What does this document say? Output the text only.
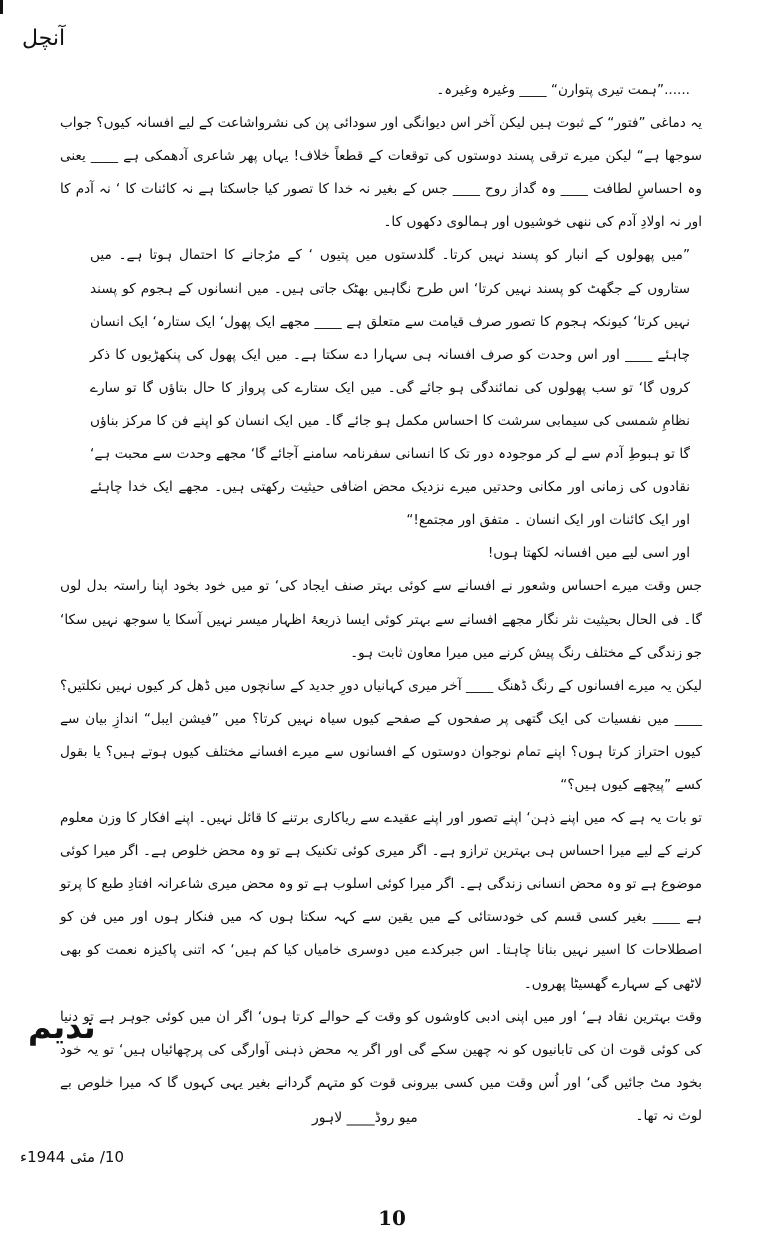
آنچل

......”ہمت تیری پتوارن“ ____ وغیرہ وغیرہ۔

یہ دماغی ”فتور“ کے ثبوت ہیں لیکن آخر اس دیوانگی اور سودائی پن کی نشرواشاعت کے لیے افسانہ کیوں؟ جواب سوجھا ہے“ لیکن میرے ترقی پسند دوستوں کی توقعات کے قطعاً خلاف! یہاں پھر شاعری آدھمکی ہے ____ یعنی وہ احساسِ لطافت ____ وہ گداز روح ____ جس کے بغیر نہ خدا کا تصور کیا جاسکتا ہے نہ کائنات کا ‘ نہ آدم کا اور نہ اولادِ آدم کی ننھی خوشیوں اور ہمالوی دکھوں کا۔

”میں پھولوں کے انبار کو پسند نہیں کرتا۔ گلدستوں میں پتیوں ‘ کے مرُجانے کا احتمال ہوتا ہے۔ میں ستاروں کے جگھٹ کو پسند نہیں کرتا‘ اس طرح نگاہیں بھٹک جاتی ہیں۔ میں انسانوں کے ہجوم کو پسند نہیں کرتا‘ کیونکہ ہجوم کا تصور صرف قیامت سے متعلق ہے ____ مجھے ایک پھول‘ ایک ستارہ‘ ایک انسان چاہئے ____ اور اس وحدت کو صرف افسانہ ہی سہارا دے سکتا ہے۔ میں ایک پھول کی پنکھڑیوں کا ذکر کروں گا‘ تو سب پھولوں کی نمائندگی ہو جائے گی۔ میں ایک ستارے کی پرواز کا حال بتاؤں گا تو سارے نظامِ شمسی کی سیمابی سرشت کا احساس مکمل ہو جائے گا۔ میں ایک انسان کو اپنے فن کا مرکز بناؤں گا تو ہبوطِ آدم سے لے کر موجودہ دور تک کا انسانی سفرنامہ سامنے آجائے گا‘ مجھے وحدت سے محبت ہے‘ نقادوں کی زمانی اور مکانی وحدتیں میرے نزدیک محض اضافی حیثیت رکھتی ہیں۔ مجھے ایک خدا چاہئے اور ایک کائنات اور ایک انسان ۔ متفق اور مجتمع!“

اور اسی لیے میں افسانہ لکھتا ہوں!

جس وقت میرے احساس وشعور نے افسانے سے کوئی بہتر صنف ایجاد کی‘ تو میں خود بخود اپنا راستہ بدل لوں گا۔ فی الحال بحیثیت نثر نگار مجھے افسانے سے بہتر کوئی ایسا ذریعۂ اظہار میسر نہیں آسکا یا سوجھ نہیں سکا‘ جو زندگی کے مختلف رنگ پیش کرنے میں میرا معاون ثابت ہو۔

لیکن یہ میرے افسانوں کے رنگ ڈھنگ ____ آخر میری کہانیاں دورِ جدید کے سانچوں میں ڈھل کر کیوں نہیں نکلتیں؟ ____ میں نفسیات کی ایک گتھی پر صفحوں کے صفحے کیوں سیاہ نہیں کرتا؟ میں ”فیشن ایبل“ اندازِ بیان سے کیوں احتراز کرتا ہوں؟ اپنے تمام نوجوان دوستوں کے افسانوں سے میرے افسانے مختلف کیوں ہوتے ہیں؟ یا بقول کسے ”پیچھے کیوں ہیں؟“

تو بات یہ ہے کہ میں اپنے ذہن‘ اپنے تصور اور اپنے عقیدے سے ریاکاری برتنے کا قائل نہیں۔ اپنے افکار کا وزن معلوم کرنے کے لیے میرا احساس ہی بہترین ترازو ہے۔ اگر میری کوئی تکنیک ہے تو وہ محض خلوص ہے۔ اگر میرا کوئی موضوع ہے تو وہ محض انسانی زندگی ہے۔ اگر میرا کوئی اسلوب ہے تو وہ محض میری شاعرانہ افتادِ طبع کا پرتو ہے ____ بغیر کسی قسم کی خودستائی کے میں یقین سے کہہ سکتا ہوں کہ میں فنکار ہوں اور میں فن کو اصطلاحات کا اسیر نہیں بنانا چاہتا۔ اس جبرکدے میں دوسری خامیاں کیا کم ہیں‘ کہ اتنی پاکیزہ نعمت کو بھی لاٹھی کے سہارے گھسیٹا پھروں۔

وقت بہترین نقاد ہے‘ اور میں اپنی ادبی کاوشوں کو وقت کے حوالے کرتا ہوں‘ اگر ان میں کوئی جوہر ہے تو دنیا کی کوئی قوت ان کی تابانیوں کو نہ چھین سکے گی اور اگر یہ محض ذہنی آوارگی کی پرچھائیاں ہیں‘ تو یہ خود بخود مٹ جائیں گی‘ اور اُس وقت میں کسی بیرونی قوت کو متہم گردانے بغیر یہی کہوں گا کہ میرا خلوص بے لوث نہ تھا۔

ندیم

میو روڈ____ لاہور

10/ مئی 1944ء

10
